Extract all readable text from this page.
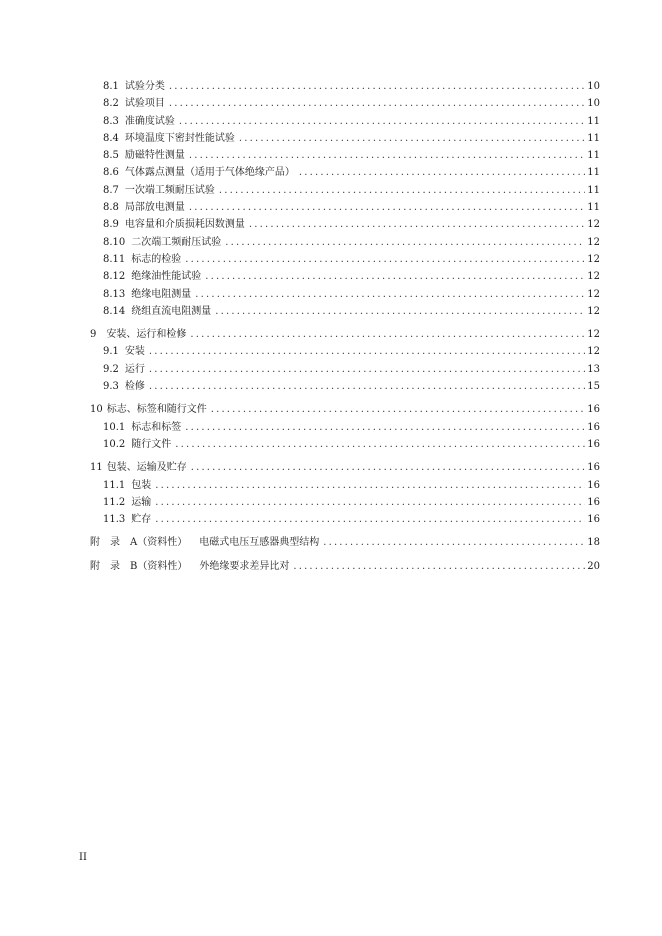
8.1 试验分类 . . .	10
8.2 试验项目 . . .	10
8.3 准确度试验 . . .	11
8.4 环境温度下密封性能试验 . . .	11
8.5 励磁特性测量 . . .	11
8.6 气体露点测量（适用于气体绝缘产品） . . .	11
8.7 一次端工频耐压试验 . . .	11
8.8 局部放电测量 . . .	11
8.9 电容量和介质损耗因数测量 . . .	12
8.10 二次端工频耐压试验 . . .	12
8.11 标志的检验 . . .	12
8.12 绝缘油性能试验 . . .	12
8.13 绝缘电阻测量 . . .	12
8.14 绕组直流电阻测量 . . .	12
9 安装、运行和检修 . . .	12
9.1 安装 . . .	12
9.2 运行 . . .	13
9.3 检修 . . .	15
10 标志、标签和随行文件 . . .	16
10.1 标志和标签 . . .	16
10.2 随行文件 . . .	16
11 包装、运输及贮存 . . .	16
11.1 包装 . . .	16
11.2 运输 . . .	16
11.3 贮存 . . .	16
附　录　A（资料性） 电磁式电压互感器典型结构 . . .	18
附　录　B（资料性） 外绝缘要求差异比对 . . .	20
II
